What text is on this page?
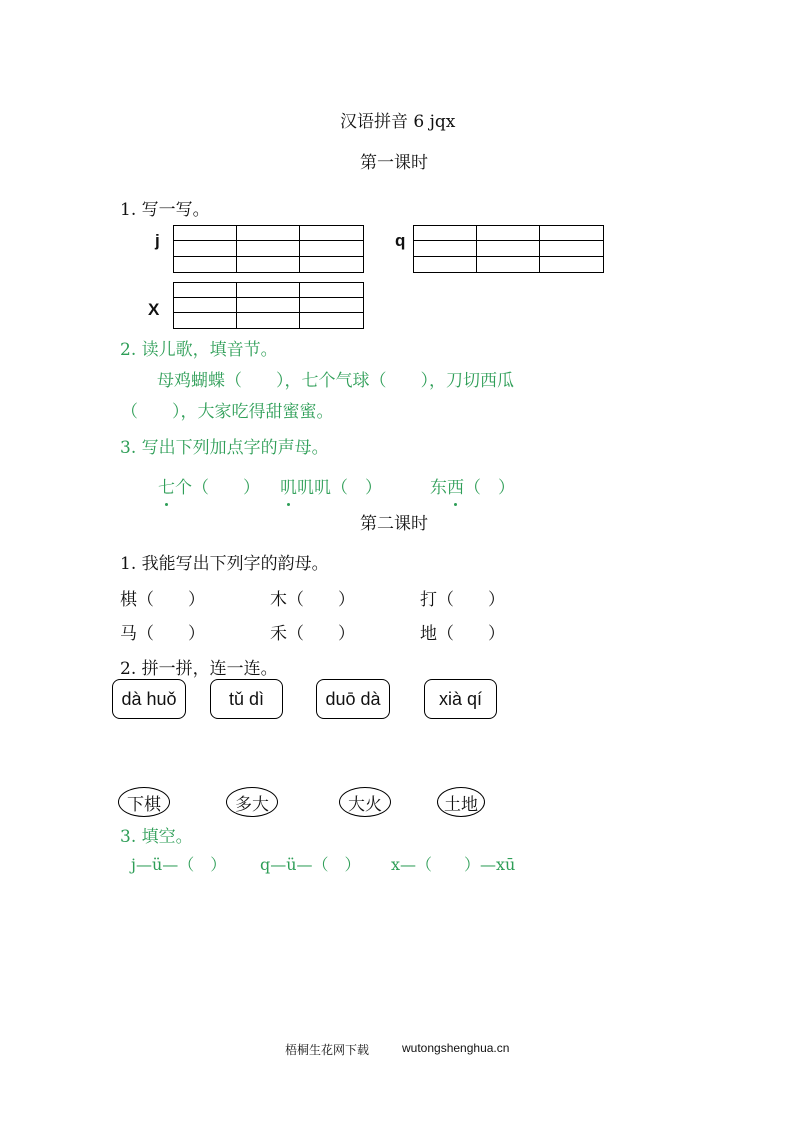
汉语拼音 6 jqx
第一课时
1. 写一写。
j	q
X
2. 读儿歌，填音节。
母鸡蝴蝶（　　），七个气球（　　），刀切西瓜
（　　），大家吃得甜蜜蜜。
3. 写出下列加点字的声母。
七个（　　） 叽叽叽（　）	东西（　）
第二课时
1. 我能写出下列字的韵母。
棋（　　）	木（　　）	打（　　）
马（　　）	禾（　　）	地（　　）
2. 拼一拼，连一连。
dà huǒ	tǔ dì	duō dà	xià qí
下棋	多大	大火	土地
3. 填空。
j—ü—（　） q—ü—（　） x—（　　）—xū
梧桐生花网下载	wutongshenghua.cn
